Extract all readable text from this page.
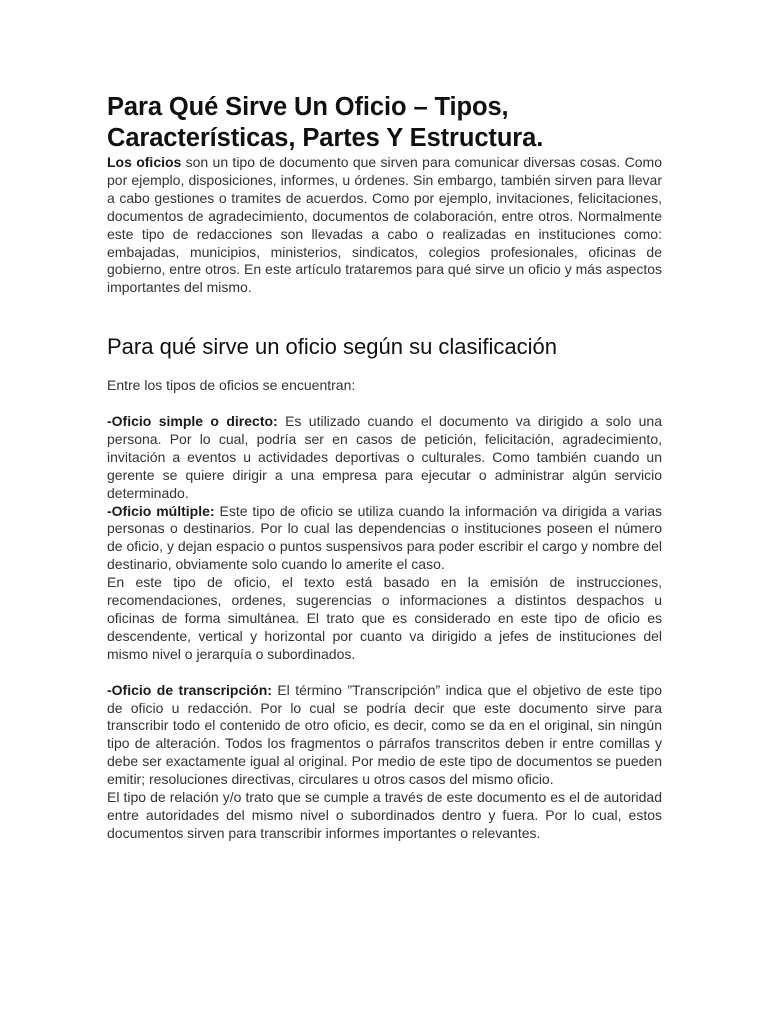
Para Qué Sirve Un Oficio – Tipos, Características, Partes Y Estructura.

Los oficios son un tipo de documento que sirven para comunicar diversas cosas. Como por ejemplo, disposiciones, informes, u órdenes. Sin embargo, también sirven para llevar a cabo gestiones o tramites de acuerdos. Como por ejemplo, invitaciones, felicitaciones, documentos de agradecimiento, documentos de colaboración, entre otros. Normalmente este tipo de redacciones son llevadas a cabo o realizadas en instituciones como: embajadas, municipios, ministerios, sindicatos, colegios profesionales, oficinas de gobierno, entre otros. En este artículo trataremos para qué sirve un oficio y más aspectos importantes del mismo.

Para qué sirve un oficio según su clasificación

Entre los tipos de oficios se encuentran:

-Oficio simple o directo: Es utilizado cuando el documento va dirigido a solo una persona. Por lo cual, podría ser en casos de petición, felicitación, agradecimiento, invitación a eventos u actividades deportivas o culturales. Como también cuando un gerente se quiere dirigir a una empresa para ejecutar o administrar algún servicio determinado.

-Oficio múltiple: Este tipo de oficio se utiliza cuando la información va dirigida a varias personas o destinarios. Por lo cual las dependencias o instituciones poseen el número de oficio, y dejan espacio o puntos suspensivos para poder escribir el cargo y nombre del destinario, obviamente solo cuando lo amerite el caso.

En este tipo de oficio, el texto está basado en la emisión de instrucciones, recomendaciones, ordenes, sugerencias o informaciones a distintos despachos u oficinas de forma simultánea. El trato que es considerado en este tipo de oficio es descendente, vertical y horizontal por cuanto va dirigido a jefes de instituciones del mismo nivel o jerarquía o subordinados.

-Oficio de transcripción: El término ”Transcripción” indica que el objetivo de este tipo de oficio u redacción. Por lo cual se podría decir que este documento sirve para transcribir todo el contenido de otro oficio, es decir, como se da en el original, sin ningún tipo de alteración. Todos los fragmentos o párrafos transcritos deben ir entre comillas y debe ser exactamente igual al original. Por medio de este tipo de documentos se pueden emitir; resoluciones directivas, circulares u otros casos del mismo oficio.

El tipo de relación y/o trato que se cumple a través de este documento es el de autoridad entre autoridades del mismo nivel o subordinados dentro y fuera. Por lo cual, estos documentos sirven para transcribir informes importantes o relevantes.
